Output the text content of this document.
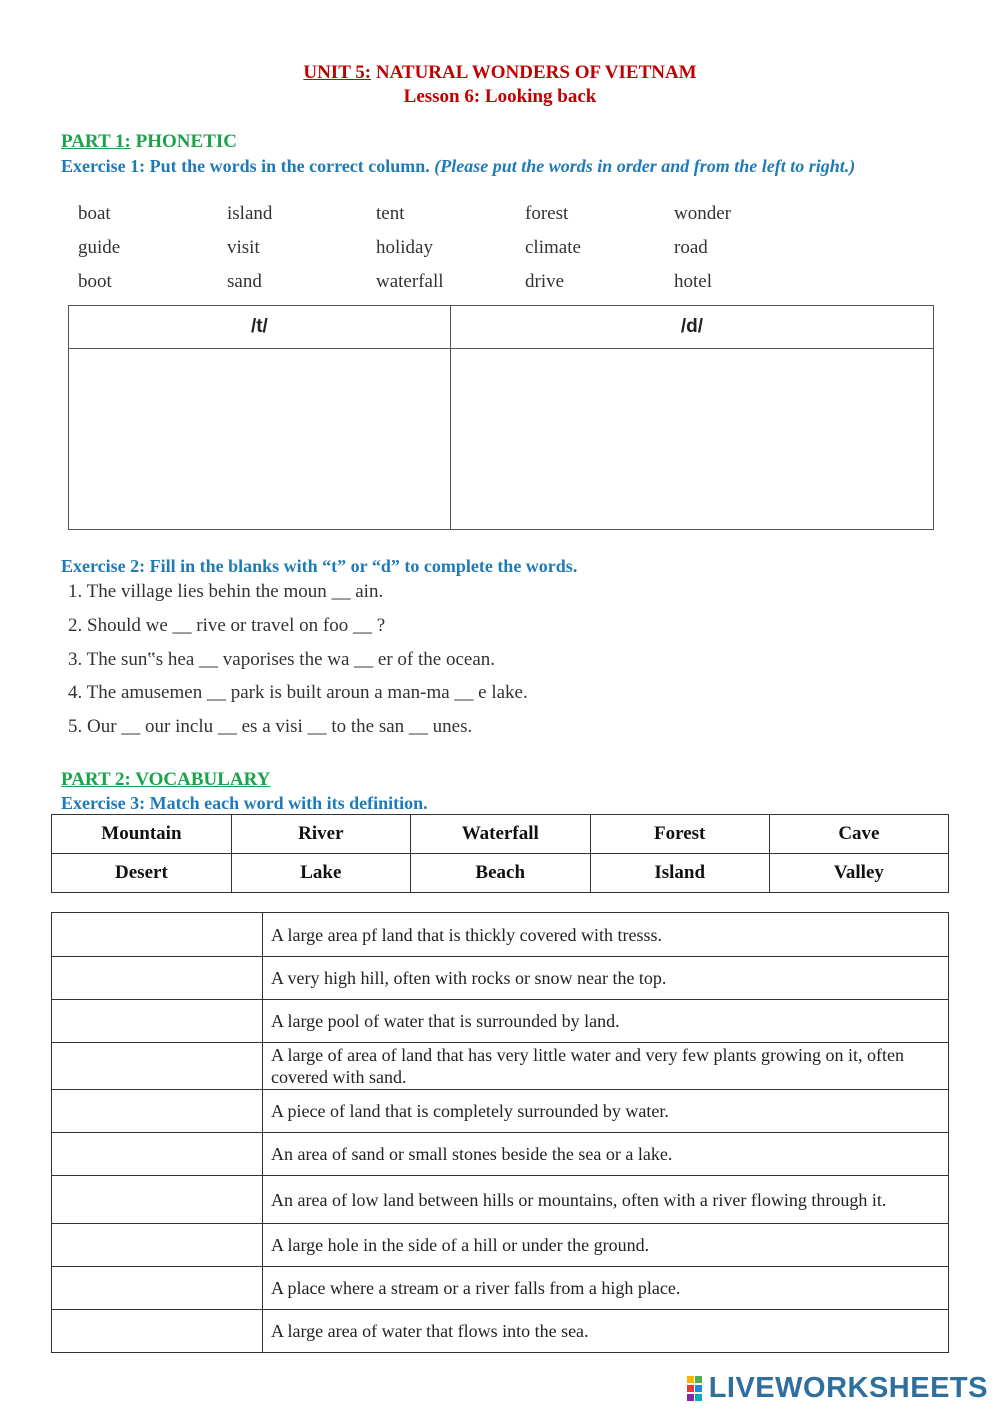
UNIT 5: NATURAL WONDERS OF VIETNAM
Lesson 6: Looking back
PART 1: PHONETIC
Exercise 1: Put the words in the correct column. (Please put the words in order and from the left to right.)
boat	island	tent	forest	wonder
guide	visit	holiday	climate	road
boot	sand	waterfall	drive	hotel
/t/	/d/

Exercise 2: Fill in the blanks with “t” or “d” to complete the words.
1. The village lies behin the moun __ ain.
2. Should we __ rive or travel on foo __ ?
3. The sun‟s hea __ vaporises the wa __ er of the ocean.
4. The amusemen __ park is built aroun a man-ma __ e lake.
5. Our __ our inclu __ es a visi __ to the san __ unes.
PART 2: VOCABULARY
Exercise 3: Match each word with its definition.
Mountain	River	Waterfall	Forest	Cave
Desert	Lake	Beach	Island	Valley
	A large area pf land that is thickly covered with tresss.
	A very high hill, often with rocks or snow near the top.
	A large pool of water that is surrounded by land.
	A large of area of land that has very little water and very few plants growing on it, often covered with sand.
	A piece of land that is completely surrounded by water.
	An area of sand or small stones beside the sea or a lake.
	An area of low land between hills or mountains, often with a river flowing through it.
	A large hole in the side of a hill or under the ground.
	A place where a stream or a river falls from a high place.
	A large area of water that flows into the sea.
LIVEWORKSHEETS
